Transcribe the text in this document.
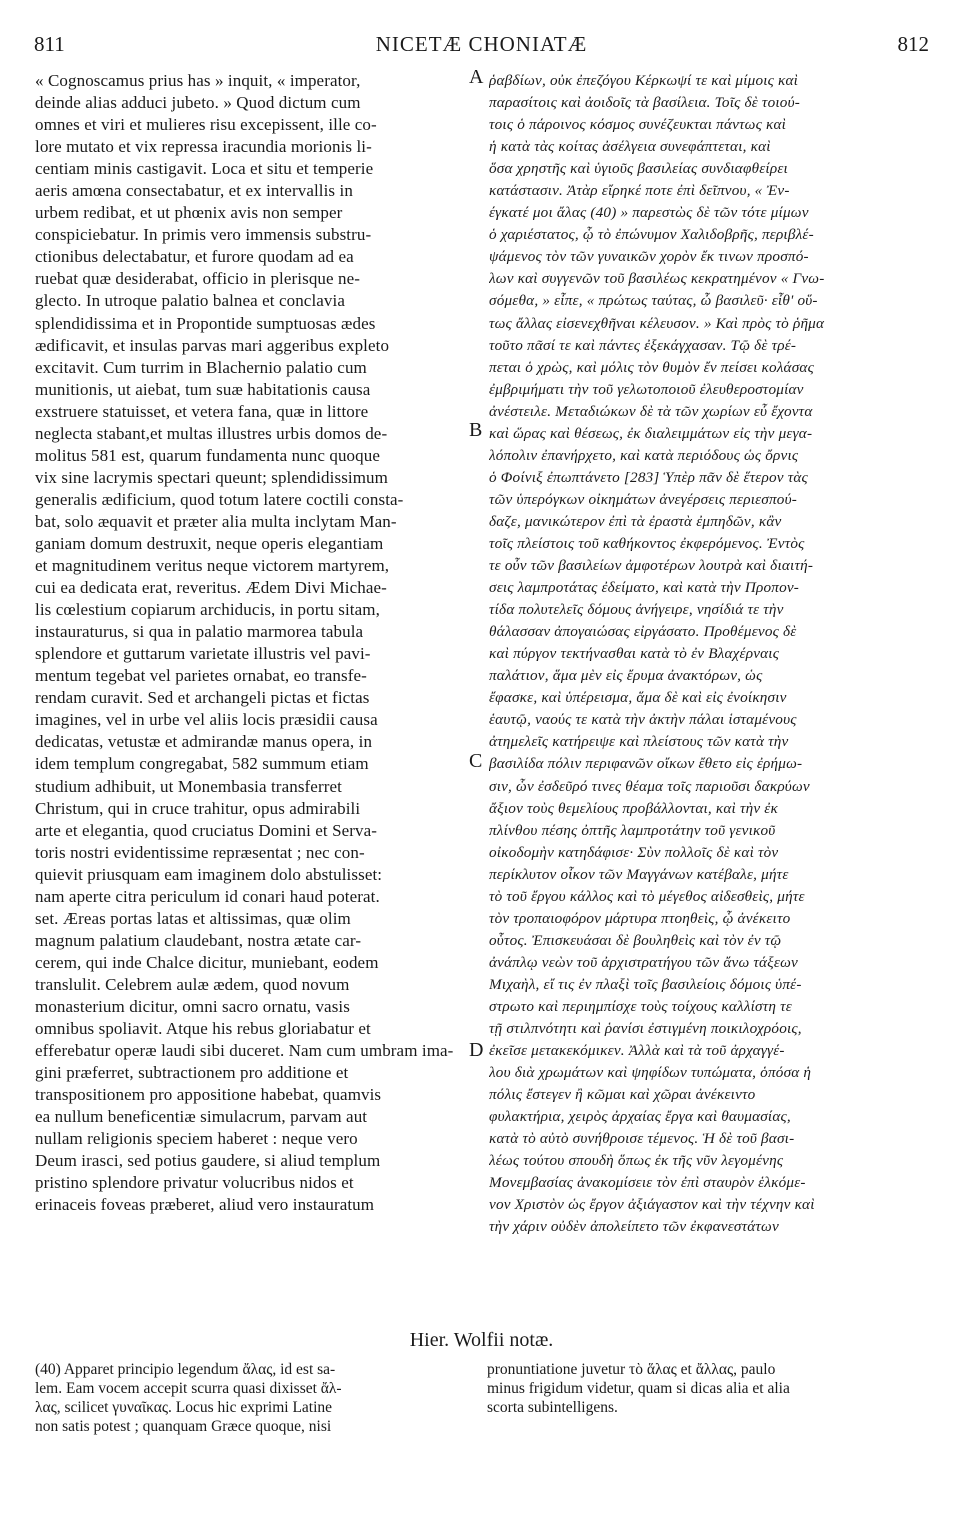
811	NICETÆ CHONIATÆ	812
« Cognoscamus prius has » inquit, « imperator,
deinde alias adduci jubeto. » Quod dictum cum
omnes et viri et mulieres risu excepissent, ille co-
lore mutato et vix repressa iracundia morionis li-
centiam minis castigavit. Loca et situ et temperie
aeris amœna consectabatur, et ex intervallis in
urbem redibat, et ut phœnix avis non semper
conspiciebatur. In primis vero immensis substru-
ctionibus delectabatur, et furore quodam ad ea
ruebat quæ desiderabat, officio in plerisque ne-
glecto. In utroque palatio balnea et conclavia
splendidissima et in Propontide sumptuosas ædes
ædificavit, et insulas parvas mari aggeribus expleto
excitavit. Cum turrim in Blachernio palatio cum
munitionis, ut aiebat, tum suæ habitationis causa
exstruere statuisset, et vetera fana, quæ in littore
neglecta stabant,et multas illustres urbis domos de-
molitus 581 est, quarum fundamenta nunc quoque
vix sine lacrymis spectari queunt; splendidissimum
generalis ædificium, quod totum latere coctili consta-
bat, solo æquavit et præter alia multa inclytam Man-
ganiam domum destruxit, neque operis elegantiam
et magnitudinem veritus neque victorem martyrem,
cui ea dedicata erat, reveritus. Ædem Divi Michae-
lis cœlestium copiarum archiducis, in portu sitam,
instauraturus, si qua in palatio marmorea tabula
splendore et guttarum varietate illustris vel pavi-
mentum tegebat vel parietes ornabat, eo transfe-
rendam curavit. Sed et archangeli pictas et fictas
imagines, vel in urbe vel aliis locis præsidii causa
dedicatas, vetustæ et admirandæ manus opera, in
idem templum congregabat, 582 summum etiam
studium adhibuit, ut Monembasia transferret
Christum, qui in cruce trahitur, opus admirabili
arte et elegantia, quod cruciatus Domini et Serva-
toris nostri evidentissime repræsentat ; nec con-
quievit priusquam eam imaginem dolo abstulisset:
nam aperte citra periculum id conari haud poterat.
set. Æreas portas latas et altissimas, quæ olim
magnum palatium claudebant, nostra ætate car-
cerem, qui inde Chalce dicitur, muniebant, eodem
translulit. Celebrem aulæ ædem, quod novum
monasterium dicitur, omni sacro ornatu, vasis
omnibus spoliavit. Atque his rebus gloriabatur et
efferebatur operæ laudi sibi duceret. Nam cum umbram ima-
gini præferret, subtractionem pro additione et
transpositionem pro appositione habebat, quamvis
ea nullum beneficentiæ simulacrum, parvam aut
nullam religionis speciem haberet : neque vero
Deum irasci, sed potius gaudere, si aliud templum
pristino splendore privatur volucribus nidos et
erinaceis foveas præberet, aliud vero instauratum
ῥαβδίων, οὐκ ἐπεζόγου Κέρκωψί τε καὶ μίμοις καὶ
παρασίτοις καὶ ἀοιδοῖς τὰ βασίλεια. Τοῖς δὲ τοιού-
τοις ὁ πάροινος κόσμος συνέζευκται πάντως καὶ
ἡ κατὰ τὰς κοίτας ἀσέλγεια συνεφάπτεται, καὶ
ὅσα χρηστῆς καὶ ὑγιοῦς βασιλείας συνδιαφθείρει
κατάστασιν. Ἀτὰρ εἴρηκέ ποτε ἐπὶ δεῖπνου, « Ἐν-
έγκατέ μοι ἄλας (40) » παρεστὼς δὲ τῶν τότε μίμων
ὁ χαριέστατος, ᾧ τὸ ἐπώνυμον Χαλιδοβρῆς, περιβλέ-
ψάμενος τὸν τῶν γυναικῶν χορὸν ἔκ τινων προσπό-
λων καὶ συγγενῶν τοῦ βασιλέως κεκρατημένον « Γνω-
σόμεθα, » εἶπε, « πρώτως ταύτας, ὦ βασιλεῦ· εἶθ' οὕ-
τως ἄλλας εἰσενεχθῆναι κέλευσον. » Καὶ πρὸς τὸ ῥῆμα
τοῦτο πᾶσί τε καὶ πάντες ἐξεκάγχασαν. Τῷ δὲ τρέ-
πεται ὁ χρὼς, καὶ μόλις τὸν θυμὸν ἔν πείσει κολάσας
ἐμβριμήματι τὴν τοῦ γελωτοποιοῦ ἐλευθεροστομίαν
ἀνέστειλε. Μεταδιώκων δὲ τὰ τῶν χωρίων εὖ ἔχοντα
καὶ ὥρας καὶ θέσεως, ἐκ διαλειμμάτων εἰς τὴν μεγα-
λόπολιν ἐπανήρχετο, καὶ κατὰ περιόδους ὡς ὄρνις
ὁ Φοίνιξ ἐπωπτάνετο [283] Ὑπὲρ πᾶν δὲ ἕτερον τὰς
τῶν ὑπερόγκων οἰκημάτων ἀνεγέρσεις περιεσπού-
δαζε, μανικώτερον ἐπὶ τὰ ἐραστὰ ἐμπηδῶν, κἂν
τοῖς πλείστοις τοῦ καθήκοντος ἐκφερόμενος. Ἐντὸς
τε οὖν τῶν βασιλείων ἀμφοτέρων λουτρὰ καὶ διαιτή-
σεις λαμπροτάτας ἐδείματο, καὶ κατὰ τὴν Προπον-
τίδα πολυτελεῖς δόμους ἀνήγειρε, νησίδιά τε τὴν
θάλασσαν ἀπογαιώσας εἰργάσατο. Προθέμενος δὲ
καὶ πύργον τεκτήνασθαι κατὰ τὸ ἐν Βλαχέρναις
παλάτιον, ἅμα μὲν εἰς ἔρυμα ἀνακτόρων, ὡς
ἔφασκε, καὶ ὑπέρεισμα, ἅμα δὲ καὶ εἰς ἐνοίκησιν
ἑαυτῷ, ναούς τε κατὰ τὴν ἀκτὴν πάλαι ἱσταμένους
ἀτημελεῖς κατήρειψε καὶ πλείστους τῶν κατὰ τὴν
βασιλίδα πόλιν περιφανῶν οἴκων ἔθετο εἰς ἐρήμω-
σιν, ὧν ἐσδεῦρό τινες θέαμα τοῖς παριοῦσι δακρύων
ἄξιον τοὺς θεμελίους προβάλλονται, καὶ τὴν ἐκ
πλίνθου πέσης ὀπτῆς λαμπροτάτην τοῦ γενικοῦ
οἰκοδομὴν κατηδάφισε· Σὺν πολλοῖς δὲ καὶ τὸν
περίκλυτον οἶκον τῶν Μαγγάνων κατέβαλε, μήτε
τὸ τοῦ ἔργου κάλλος καὶ τὸ μέγεθος αἰδεσθεὶς, μήτε
τὸν τροπαιοφόρον μάρτυρα πτοηθεὶς, ᾧ ἀνέκειτο
οὗτος. Ἐπισκευάσαι δὲ βουληθεὶς καὶ τὸν ἐν τῷ
ἀνάπλῳ νεὼν τοῦ ἀρχιστρατήγου τῶν ἄνω τάξεων
Μιχαὴλ, εἴ τις ἐν πλαξὶ τοῖς βασιλείοις δόμοις ὑπέ-
στρωτο καὶ περιημπίσχε τοὺς τοίχους καλλίστη τε
τῇ στιλπνότητι καὶ ῥανίσι ἐστιγμένη ποικιλοχρόοις,
ἐκεῖσε μετακεκόμικεν. Ἀλλὰ καὶ τὰ τοῦ ἀρχαγγέ-
λου διὰ χρωμάτων καὶ ψηφίδων τυπώματα, ὁπόσα ἡ
πόλις ἔστεγεν ἢ κῶμαι καὶ χῶραι ἀνέκειντο
φυλακτήρια, χειρὸς ἀρχαίας ἔργα καὶ θαυμασίας,
κατὰ τὸ αὐτὸ συνήθροισε τέμενος. Ἡ δὲ τοῦ βασι-
λέως τούτου σπουδὴ ὅπως ἐκ τῆς νῦν λεγομένης
Μονεμβασίας ἀνακομίσειε τὸν ἐπὶ σταυρὸν ἑλκόμε-
νον Χριστὸν ὡς ἔργον ἀξιάγαστον καὶ τὴν τέχνην καὶ
τὴν χάριν οὐδὲν ἀπολείπετο τῶν ἐκφανεστάτων
A
B
C
D
Hier. Wolfii notæ.
(40) Apparet principio legendum ἄλας, id est sa-
lem. Eam vocem accepit scurra quasi dixisset ἄλ-
λας, scilicet γυναῖκας. Locus hic exprimi Latine
non satis potest ; quanquam Græce quoque, nisi
pronuntiatione juvetur τὸ ἅλας et ἄλλας, paulo
minus frigidum videtur, quam si dicas alia et alia
scorta subintelligens.
